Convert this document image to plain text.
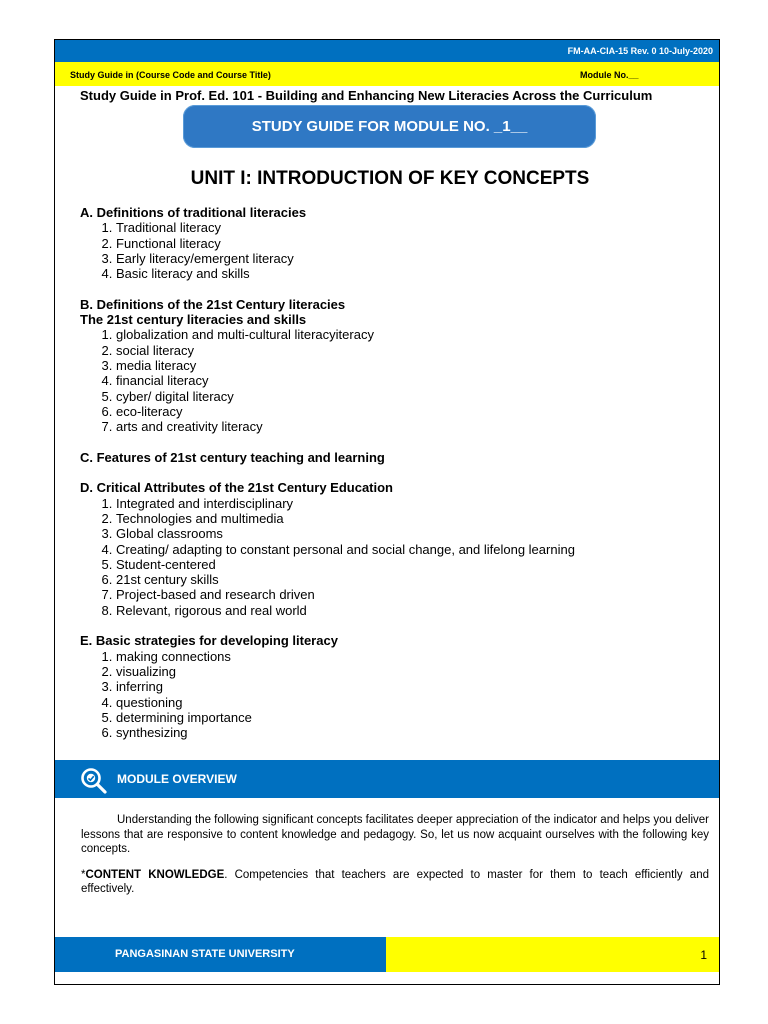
FM-AA-CIA-15 Rev. 0 10-July-2020
Study Guide in (Course Code and Course Title)	Module No.__
Study Guide in Prof. Ed. 101 - Building and Enhancing New Literacies Across the Curriculum
STUDY GUIDE FOR MODULE NO. _1__
UNIT I: INTRODUCTION OF KEY CONCEPTS
A. Definitions of traditional literacies
1. Traditional literacy
2. Functional literacy
3. Early literacy/emergent literacy
4. Basic literacy and skills
B. Definitions of the 21st Century literacies
The 21st century literacies and skills
1. globalization and multi-cultural literacyiteracy
2. social literacy
3. media literacy
4. financial literacy
5. cyber/ digital literacy
6. eco-literacy
7. arts and creativity literacy
C. Features of 21st century teaching and learning
D. Critical Attributes of the 21st Century Education
1. Integrated and interdisciplinary
2. Technologies and multimedia
3. Global classrooms
4. Creating/ adapting to constant personal and social change, and lifelong learning
5. Student-centered
6. 21st century skills
7. Project-based and research driven
8. Relevant, rigorous and real world
E. Basic strategies for developing literacy
1. making connections
2. visualizing
3. inferring
4. questioning
5. determining importance
6. synthesizing
MODULE OVERVIEW

Understanding the following significant concepts facilitates deeper appreciation of the indicator and helps you deliver lessons that are responsive to content knowledge and pedagogy. So, let us now acquaint ourselves with the following key concepts.

*CONTENT KNOWLEDGE. Competencies that teachers are expected to master for them to teach efficiently and effectively.

PANGASINAN STATE UNIVERSITY	1
